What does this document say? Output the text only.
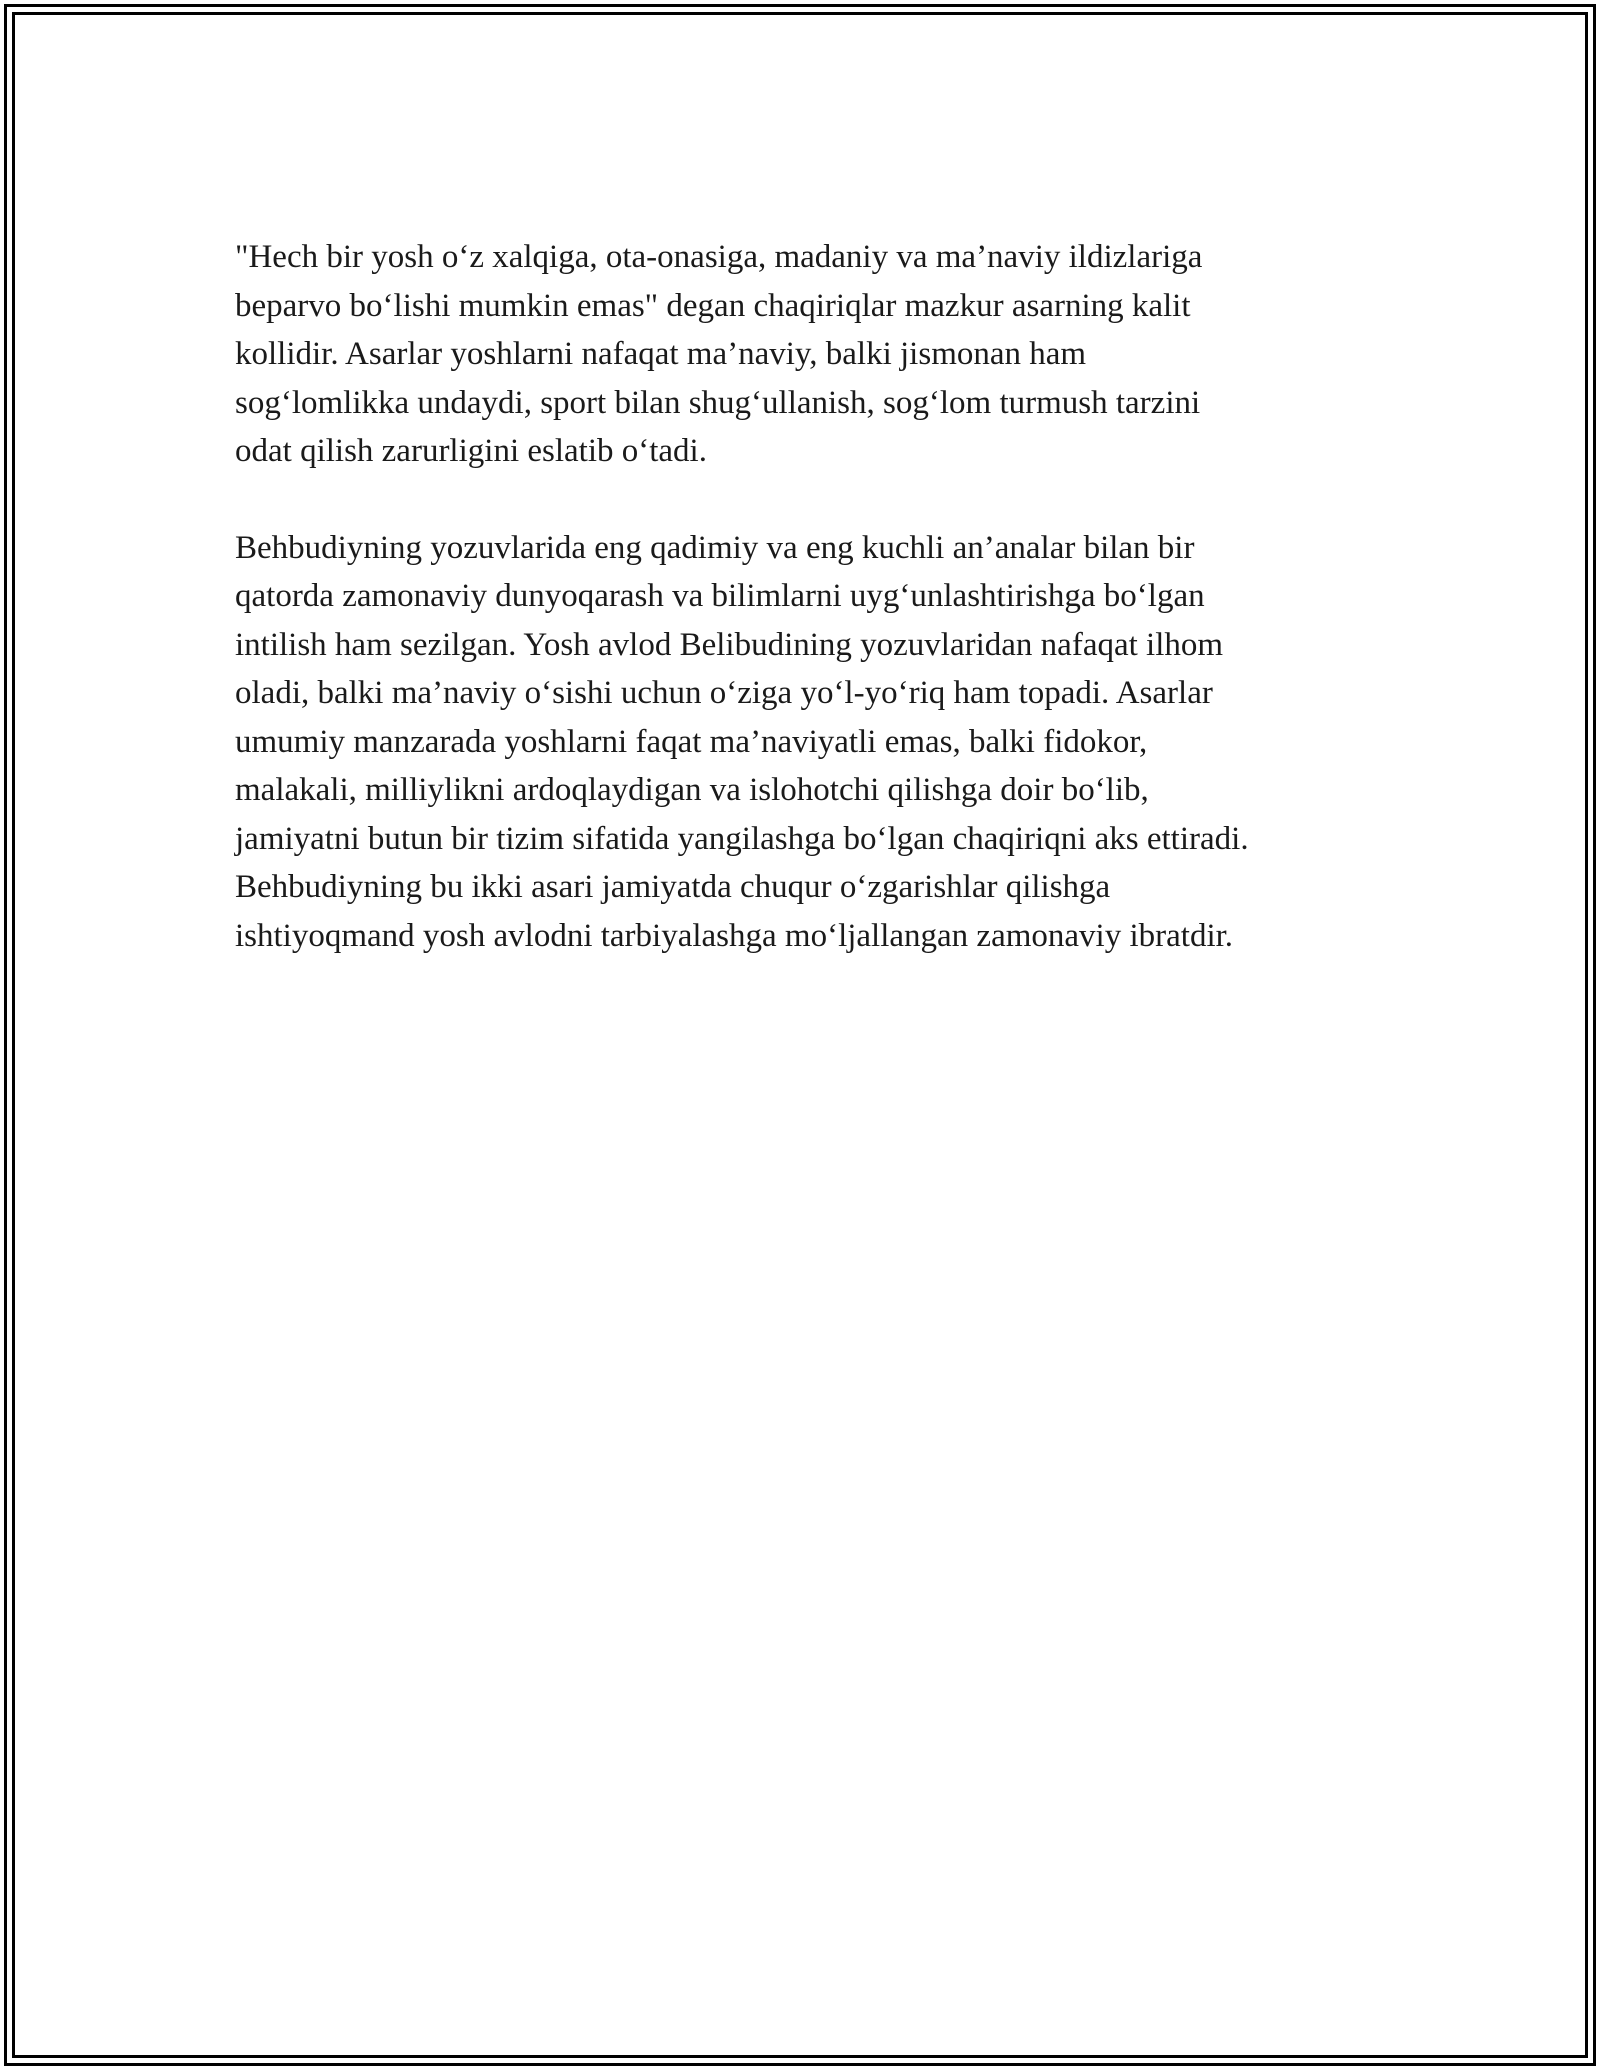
"Hech bir yosh o‘z xalqiga, ota-onasiga, madaniy va ma’naviy ildizlariga
beparvo bo‘lishi mumkin emas" degan chaqiriqlar mazkur asarning kalit
kollidir. Asarlar yoshlarni nafaqat ma’naviy, balki jismonan ham
sog‘lomlikka undaydi, sport bilan shug‘ullanish, sog‘lom turmush tarzini
odat qilish zarurligini eslatib o‘tadi.

Behbudiyning yozuvlarida eng qadimiy va eng kuchli an’analar bilan bir
qatorda zamonaviy dunyoqarash va bilimlarni uyg‘unlashtirishga bo‘lgan
intilish ham sezilgan. Yosh avlod Belibudining yozuvlaridan nafaqat ilhom
oladi, balki ma’naviy o‘sishi uchun o‘ziga yo‘l-yo‘riq ham topadi. Asarlar
umumiy manzarada yoshlarni faqat ma’naviyatli emas, balki fidokor,
malakali, milliylikni ardoqlaydigan va islohotchi qilishga doir bo‘lib,
jamiyatni butun bir tizim sifatida yangilashga bo‘lgan chaqiriqni aks ettiradi.
Behbudiyning bu ikki asari jamiyatda chuqur o‘zgarishlar qilishga
ishtiyoqmand yosh avlodni tarbiyalashga mo‘ljallangan zamonaviy ibratdir.
